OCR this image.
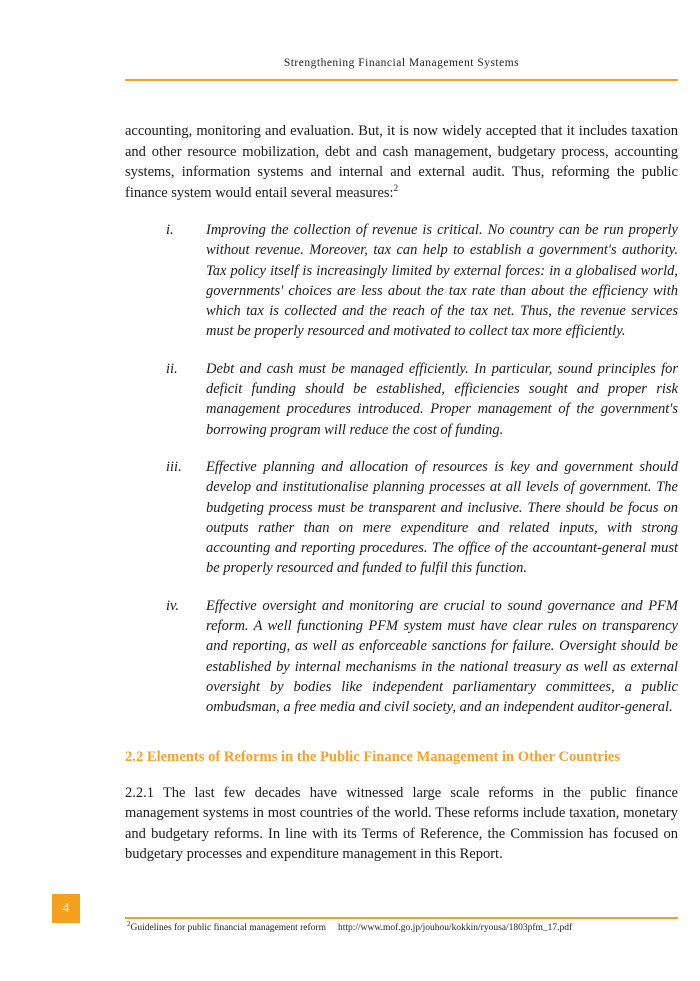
Strengthening Financial Management Systems

accounting, monitoring and evaluation. But, it is now widely accepted that it includes taxation and other resource mobilization, debt and cash management, budgetary process, accounting systems, information systems and internal and external audit. Thus, reforming the public finance system would entail several measures:$^2$

i. Improving the collection of revenue is critical. No country can be run properly without revenue. Moreover, tax can help to establish a government's authority. Tax policy itself is increasingly limited by external forces: in a globalised world, governments' choices are less about the tax rate than about the efficiency with which tax is collected and the reach of the tax net. Thus, the revenue services must be properly resourced and motivated to collect tax more efficiently.

ii. Debt and cash must be managed efficiently. In particular, sound principles for deficit funding should be established, efficiencies sought and proper risk management procedures introduced. Proper management of the government's borrowing program will reduce the cost of funding.

iii. Effective planning and allocation of resources is key and government should develop and institutionalise planning processes at all levels of government. The budgeting process must be transparent and inclusive. There should be focus on outputs rather than on mere expenditure and related inputs, with strong accounting and reporting procedures. The office of the accountant-general must be properly resourced and funded to fulfil this function.

iv. Effective oversight and monitoring are crucial to sound governance and PFM reform. A well functioning PFM system must have clear rules on transparency and reporting, as well as enforceable sanctions for failure. Oversight should be established by internal mechanisms in the national treasury as well as external oversight by bodies like independent parliamentary committees, a public ombudsman, a free media and civil society, and an independent auditor-general.

2.2 Elements of Reforms in the Public Finance Management in Other Countries

2.2.1 The last few decades have witnessed large scale reforms in the public finance management systems in most countries of the world. These reforms include taxation, monetary and budgetary reforms. In line with its Terms of Reference, the Commission has focused on budgetary processes and expenditure management in this Report.

4
$^2$Guidelines for public financial management reform http://www.mof.go.jp/jouhou/kokkin/ryousa/1803pfm_17.pdf
